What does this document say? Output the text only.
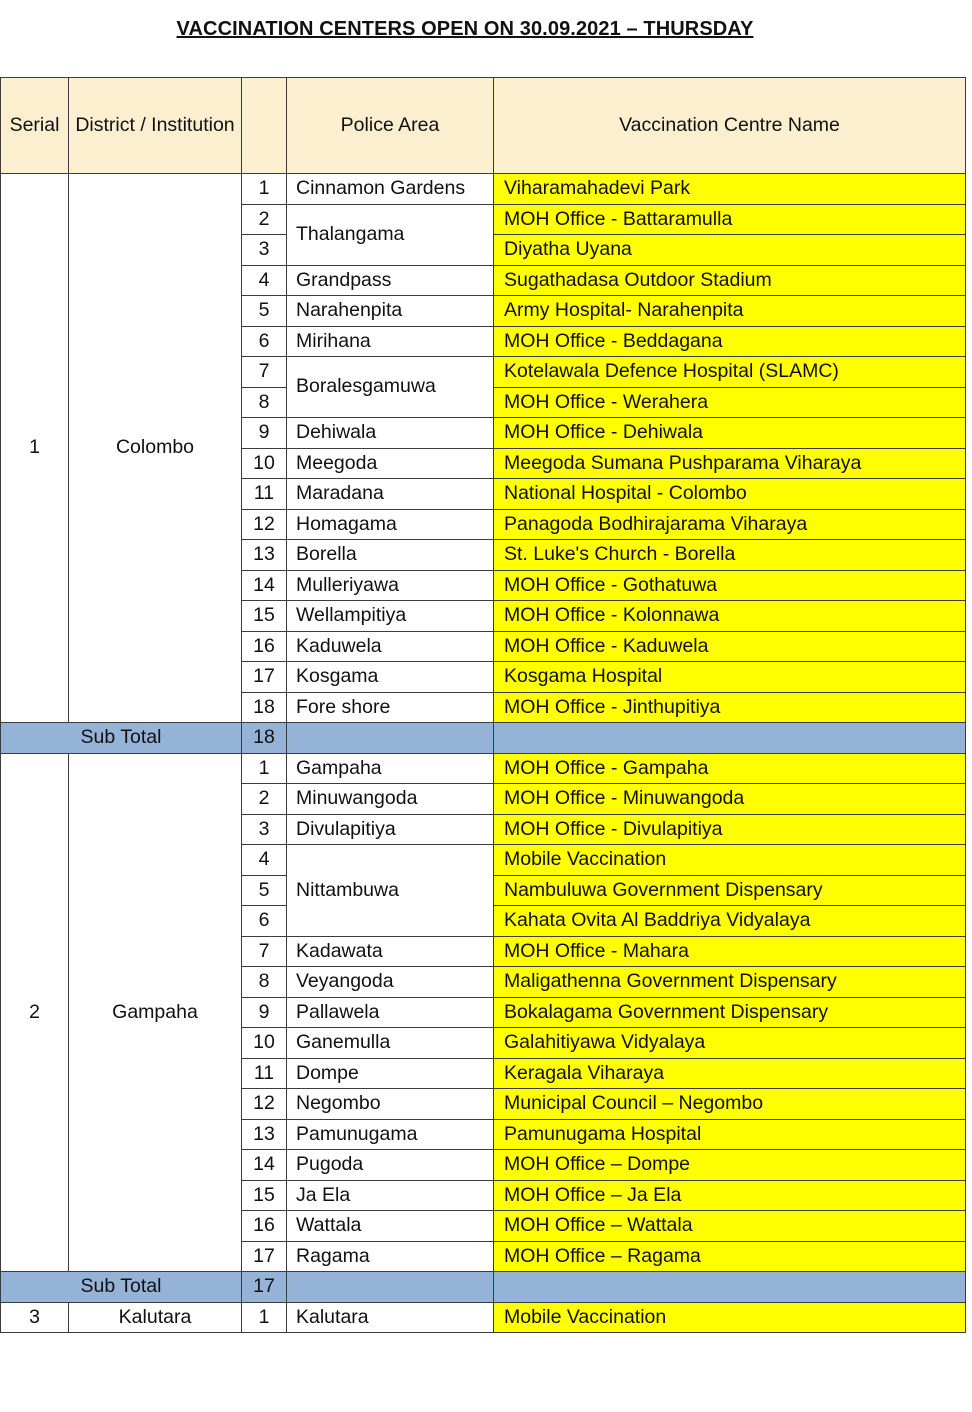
VACCINATION CENTERS OPEN ON 30.09.2021 – THURSDAY
Serial	District / Institution		Police Area	Vaccination Centre Name
1	Colombo	1	Cinnamon Gardens	Viharamahadevi Park
		2	Thalangama	MOH Office - Battaramulla
		3		Diyatha Uyana
		4	Grandpass	Sugathadasa Outdoor Stadium
		5	Narahenpita	Army Hospital- Narahenpita
		6	Mirihana	MOH Office - Beddagana
		7	Boralesgamuwa	Kotelawala Defence Hospital (SLAMC)
		8		MOH Office - Werahera
		9	Dehiwala	MOH Office - Dehiwala
		10	Meegoda	Meegoda Sumana Pushparama Viharaya
		11	Maradana	National Hospital - Colombo
		12	Homagama	Panagoda Bodhirajarama Viharaya
		13	Borella	St. Luke's Church - Borella
		14	Mulleriyawa	MOH Office - Gothatuwa
		15	Wellampitiya	MOH Office - Kolonnawa
		16	Kaduwela	MOH Office - Kaduwela
		17	Kosgama	Kosgama Hospital
		18	Fore shore	MOH Office - Jinthupitiya
Sub Total		18		
2	Gampaha	1	Gampaha	MOH Office - Gampaha
		2	Minuwangoda	MOH Office - Minuwangoda
		3	Divulapitiya	MOH Office - Divulapitiya
		4	Nittambuwa	Mobile Vaccination
		5		Nambuluwa Government Dispensary
		6		Kahata Ovita Al Baddriya Vidyalaya
		7	Kadawata	MOH Office - Mahara
		8	Veyangoda	Maligathenna Government Dispensary
		9	Pallawela	Bokalagama Government Dispensary
		10	Ganemulla	Galahitiyawa Vidyalaya
		11	Dompe	Keragala Viharaya
		12	Negombo	Municipal Council – Negombo
		13	Pamunugama	Pamunugama Hospital
		14	Pugoda	MOH Office – Dompe
		15	Ja Ela	MOH Office – Ja Ela
		16	Wattala	MOH Office – Wattala
		17	Ragama	MOH Office – Ragama
Sub Total		17		
3	Kalutara	1	Kalutara	Mobile Vaccination
